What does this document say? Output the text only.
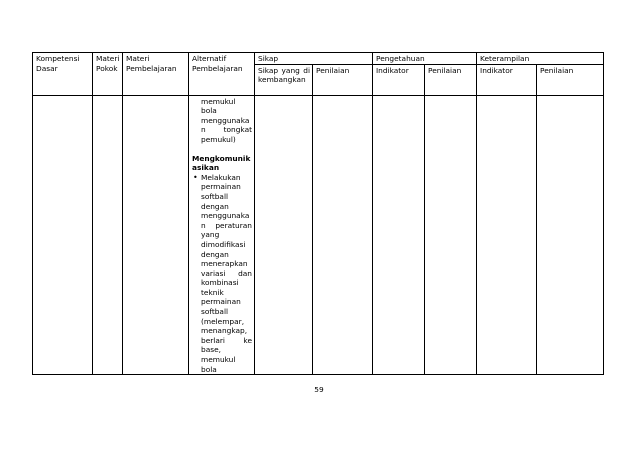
Kompetensi Dasar	Materi Pokok	Materi Pembelajaran	Alternatif Pembelajaran	Sikap		Pengetahuan		Keterampilan	

				Sikap yang di kembangkan	Penilaian	Indikator	Penilaian	Indikator	Penilaian

			memukul bola menggunakan tongkat pemukul)
Mengkomunikasikan
• Melakukan permainan softball dengan menggunakan peraturan yang dimodifikasi dengan menerapkan variasi dan kombinasi teknik permainan softball (melempar, menangkap, berlari ke base, memukul bola						

59
